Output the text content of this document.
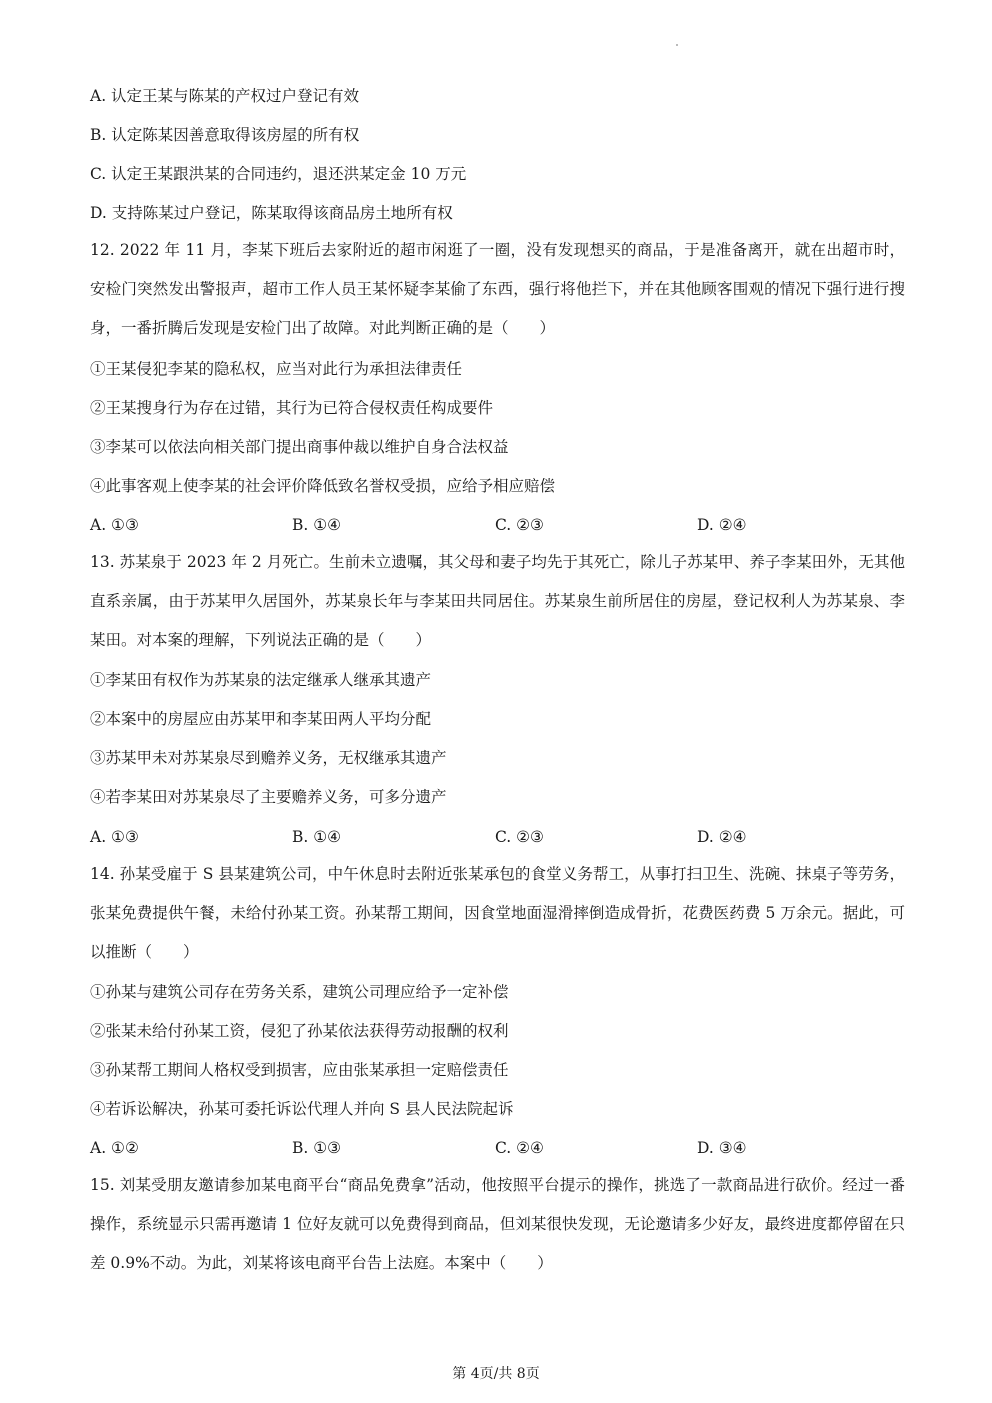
A. 认定王某与陈某的产权过户登记有效
B. 认定陈某因善意取得该房屋的所有权
C. 认定王某跟洪某的合同违约，退还洪某定金 10 万元
D. 支持陈某过户登记，陈某取得该商品房土地所有权
12. 2022 年 11 月，李某下班后去家附近的超市闲逛了一圈，没有发现想买的商品，于是准备离开，就在出超市时，安检门突然发出警报声，超市工作人员王某怀疑李某偷了东西，强行将他拦下，并在其他顾客围观的情况下强行进行搜身，一番折腾后发现是安检门出了故障。对此判断正确的是（　　）
①王某侵犯李某的隐私权，应当对此行为承担法律责任
②王某搜身行为存在过错，其行为已符合侵权责任构成要件
③李某可以依法向相关部门提出商事仲裁以维护自身合法权益
④此事客观上使李某的社会评价降低致名誉权受损，应给予相应赔偿
A. ①③	B. ①④	C. ②③	D. ②④
13. 苏某泉于 2023 年 2 月死亡。生前未立遗嘱，其父母和妻子均先于其死亡，除儿子苏某甲、养子李某田外，无其他直系亲属，由于苏某甲久居国外，苏某泉长年与李某田共同居住。苏某泉生前所居住的房屋，登记权利人为苏某泉、李某田。对本案的理解，下列说法正确的是（　　）
①李某田有权作为苏某泉的法定继承人继承其遗产
②本案中的房屋应由苏某甲和李某田两人平均分配
③苏某甲未对苏某泉尽到赡养义务，无权继承其遗产
④若李某田对苏某泉尽了主要赡养义务，可多分遗产
A. ①③	B. ①④	C. ②③	D. ②④
14. 孙某受雇于 S 县某建筑公司，中午休息时去附近张某承包的食堂义务帮工，从事打扫卫生、洗碗、抹桌子等劳务，张某免费提供午餐，未给付孙某工资。孙某帮工期间，因食堂地面湿滑摔倒造成骨折，花费医药费 5 万余元。据此，可以推断（　　）
①孙某与建筑公司存在劳务关系，建筑公司理应给予一定补偿
②张某未给付孙某工资，侵犯了孙某依法获得劳动报酬的权利
③孙某帮工期间人格权受到损害，应由张某承担一定赔偿责任
④若诉讼解决，孙某可委托诉讼代理人并向 S 县人民法院起诉
A. ①②	B. ①③	C. ②④	D. ③④
15. 刘某受朋友邀请参加某电商平台“商品免费拿”活动，他按照平台提示的操作，挑选了一款商品进行砍价。经过一番操作，系统显示只需再邀请 1 位好友就可以免费得到商品，但刘某很快发现，无论邀请多少好友，最终进度都停留在只差 0.9%不动。为此，刘某将该电商平台告上法庭。本案中（　　）
第 4页/共 8页
